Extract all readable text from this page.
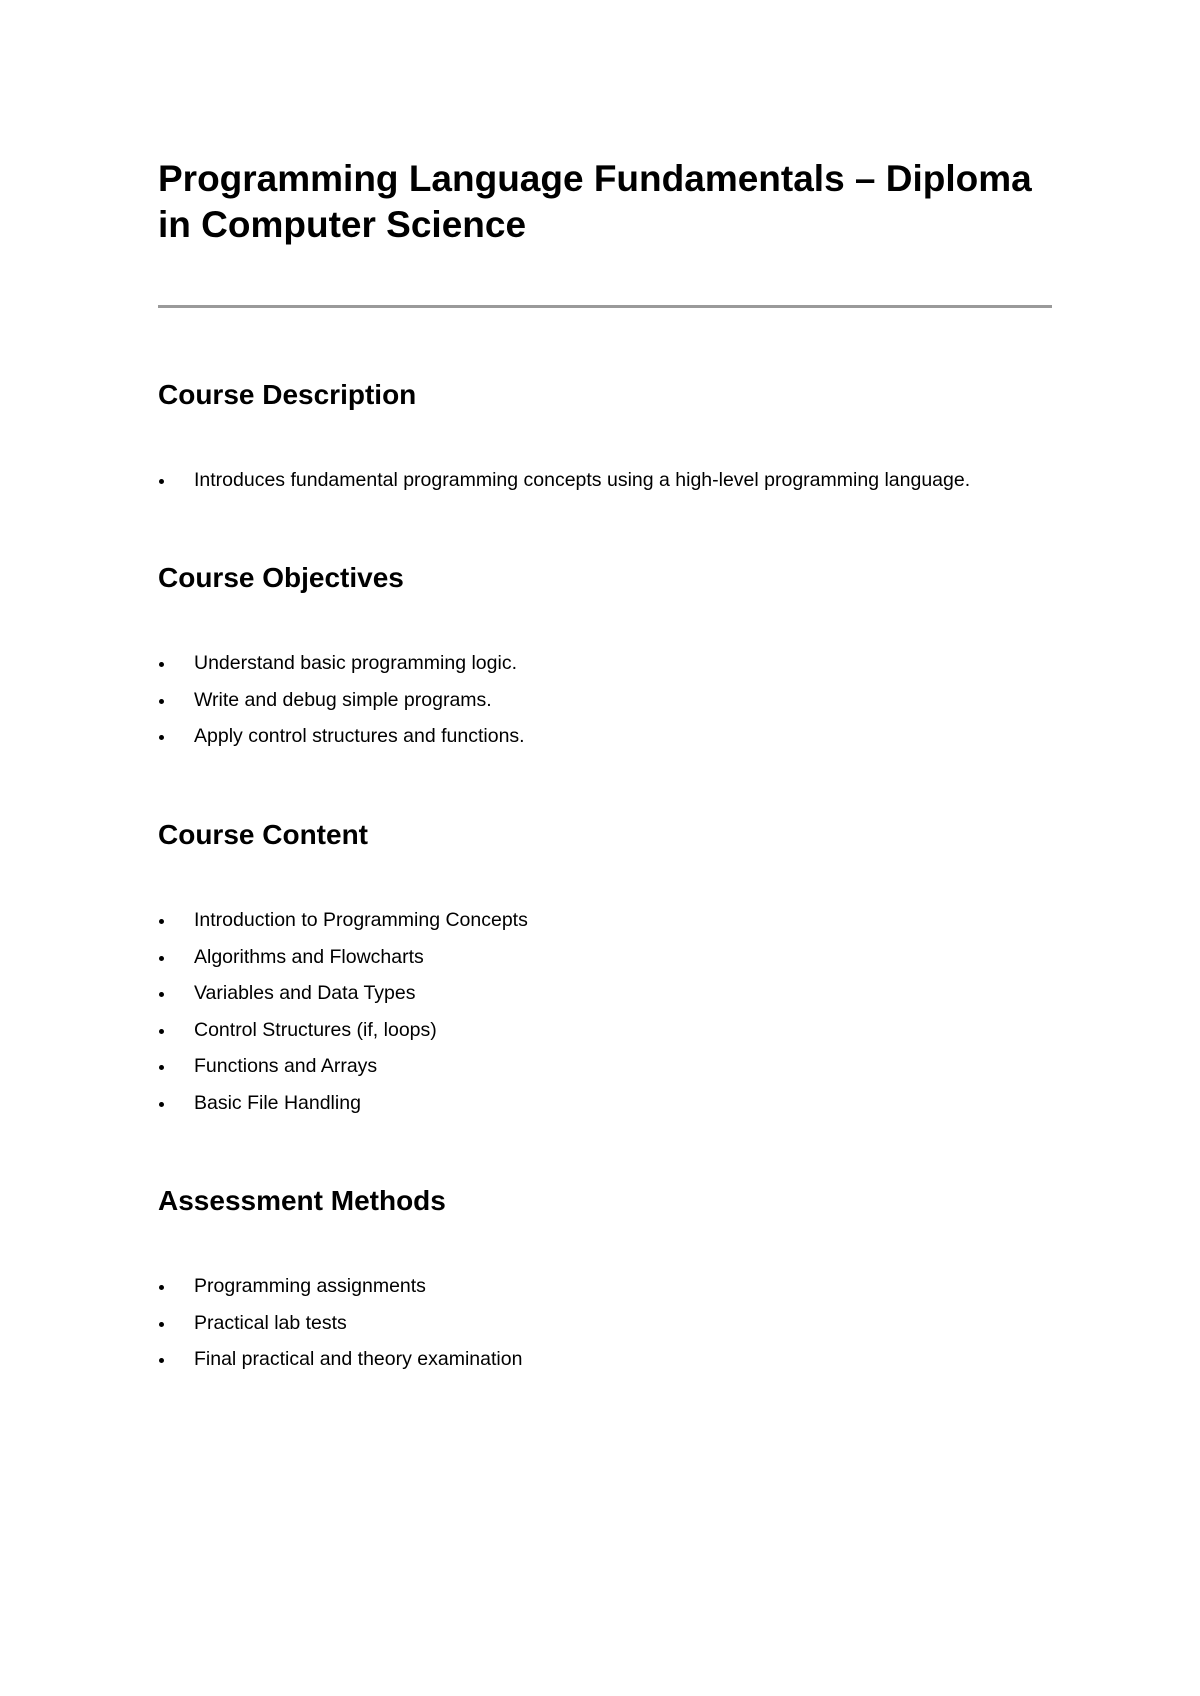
Programming Language Fundamentals – Diploma in Computer Science
Course Description
Introduces fundamental programming concepts using a high-level programming language.
Course Objectives
Understand basic programming logic.
Write and debug simple programs.
Apply control structures and functions.
Course Content
Introduction to Programming Concepts
Algorithms and Flowcharts
Variables and Data Types
Control Structures (if, loops)
Functions and Arrays
Basic File Handling
Assessment Methods
Programming assignments
Practical lab tests
Final practical and theory examination
